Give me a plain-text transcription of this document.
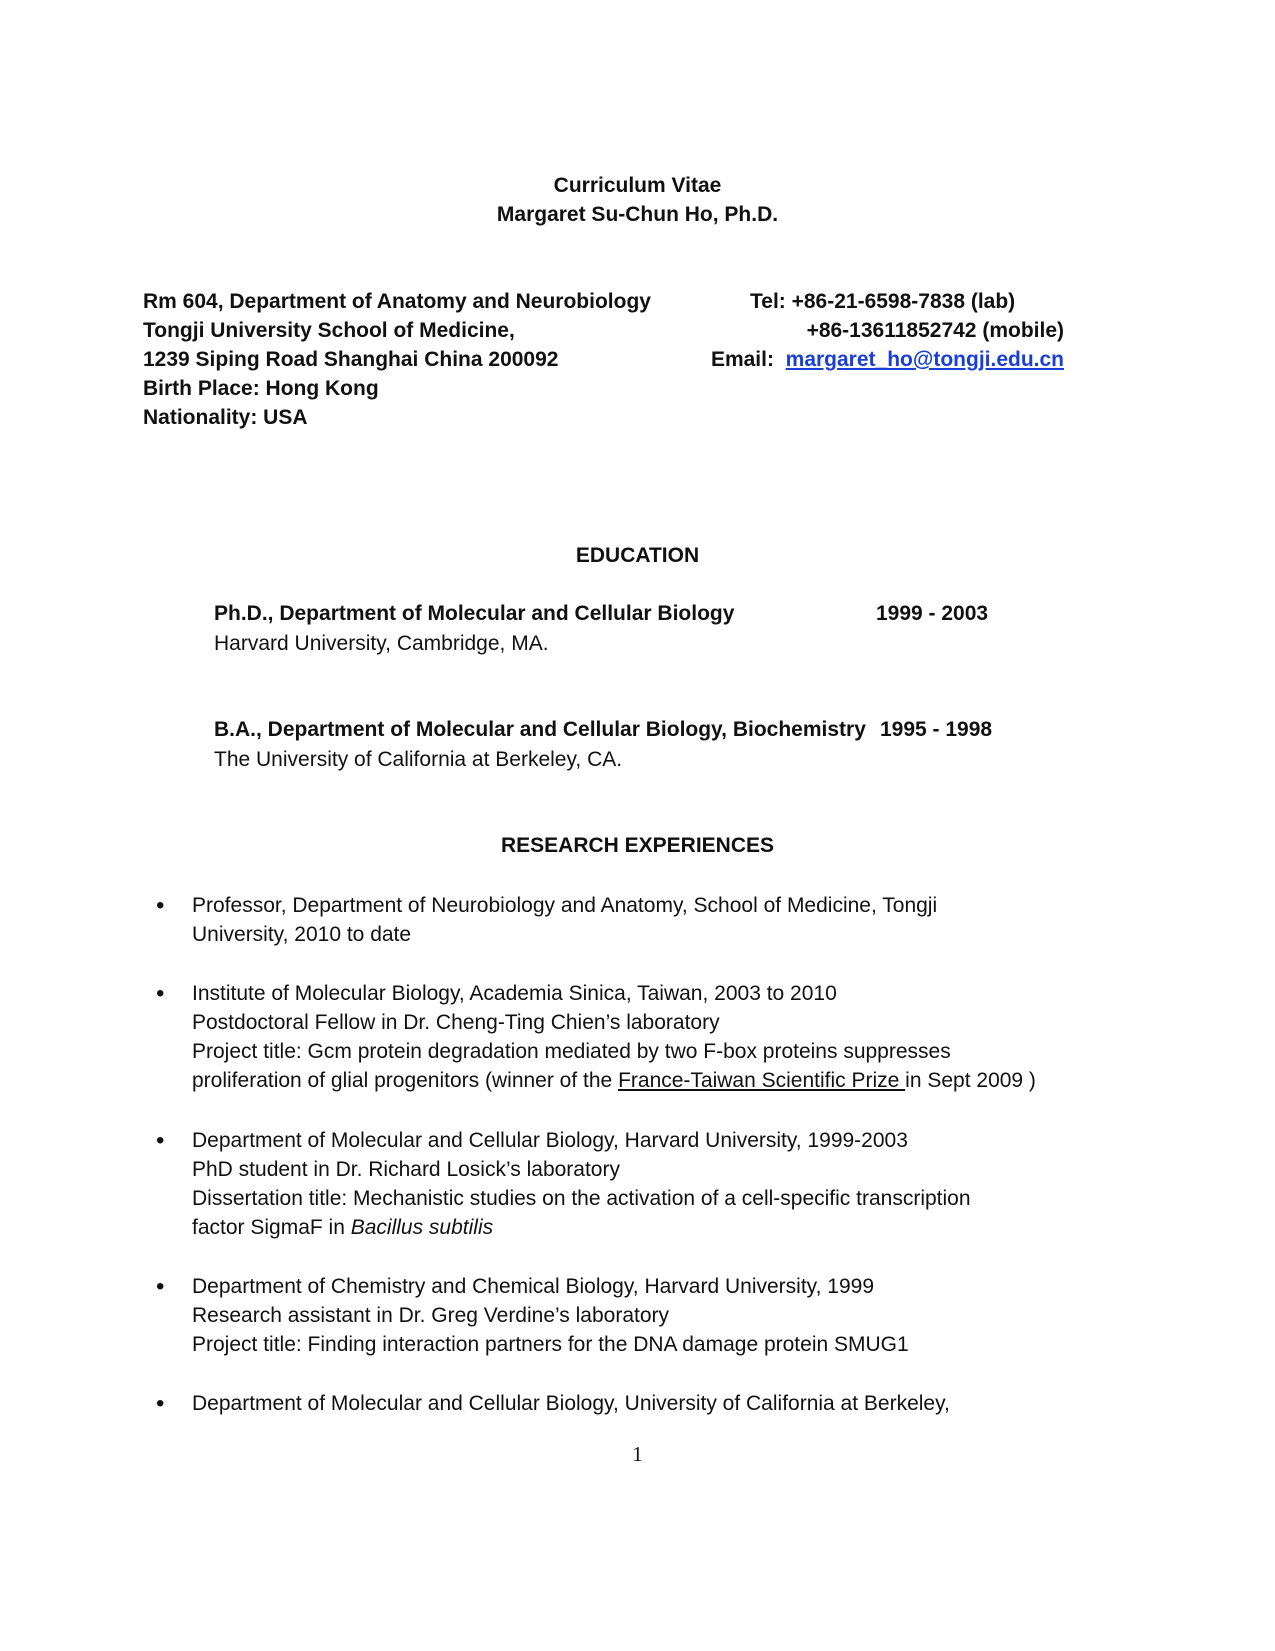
Curriculum Vitae
Margaret Su-Chun Ho, Ph.D.
Rm 604, Department of Anatomy and Neurobiology
Tongji University School of Medicine,
1239 Siping Road Shanghai China 200092
Birth Place: Hong Kong
Nationality: USA
Tel: +86-21-6598-7838 (lab)
+86-13611852742 (mobile)
Email: margaret_ho@tongji.edu.cn
EDUCATION
Ph.D., Department of Molecular and Cellular Biology	1999 - 2003
Harvard University, Cambridge, MA.
B.A., Department of Molecular and Cellular Biology, Biochemistry 1995 - 1998
The University of California at Berkeley, CA.
RESEARCH EXPERIENCES
• Professor, Department of Neurobiology and Anatomy, School of Medicine, Tongji
University, 2010 to date
• Institute of Molecular Biology, Academia Sinica, Taiwan, 2003 to 2010
Postdoctoral Fellow in Dr. Cheng-Ting Chien’s laboratory
Project title: Gcm protein degradation mediated by two F-box proteins suppresses
proliferation of glial progenitors (winner of the France-Taiwan Scientific Prize in Sept 2009 )
• Department of Molecular and Cellular Biology, Harvard University, 1999-2003
PhD student in Dr. Richard Losick’s laboratory
Dissertation title: Mechanistic studies on the activation of a cell-specific transcription
factor SigmaF in Bacillus subtilis
• Department of Chemistry and Chemical Biology, Harvard University, 1999
Research assistant in Dr. Greg Verdine’s laboratory
Project title: Finding interaction partners for the DNA damage protein SMUG1
• Department of Molecular and Cellular Biology, University of California at Berkeley,
1
